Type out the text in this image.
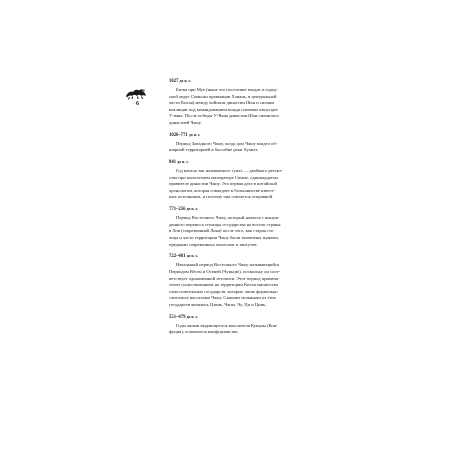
6

1027 до н. э.

Битва при Муе (ныне это поселение входит в город-
ской округ Синьсян провинции Хэнань, в центральной
части Китая) между войском династии Шан и силами
коалиции под командованием вождя племени чжоусцев
У-вана. После победы У-Вана династия Шан сменилась
династией Чжоу.

1026–771 до н. э.

Период Западного Чжоу, когда дом Чжоу владел об-
ширной территорией в бассейне реки Хуанхэ.

841 до н. э.

Год начала так называемого гунхэ — двойного регент-
ства при малолетнем императоре Сюане, одиннадцатом
правителе династии Чжоу. Эта первая дата в китайской
хронологии, которая совпадает в большинстве извест-
ных источников, и поэтому она считается отправной.

771–256 до н. э.

Период Восточного Чжоу, который начался с вынуж-
денного переноса столицы государства на восток страны
в Лои (современный Лоян) после того, как старая сто-
лица и часть территории Чжоу были захвачены жунами,
предками современных монголов и тангутов.

722–481 до н. э.

Начальный период Восточного Чжоу называющийся
Периодом Вёсен и Осеней (Чуньцю), поскольку он соот-
ветствует одноименной летописи. Этот период примеча-
телен существованием на территории Китая множества
самостоятельных государств, которые лишь формально
считались вассалами Чжоу. Самыми сильными из этих
государств являлись Цзинь, Чжэн, Чу, Ци и Цинь.

551–479 до н. э.

Годы жизни выдающегося мыслителя Кунцзы (Кон-
фуция), основателя конфуцианства.
